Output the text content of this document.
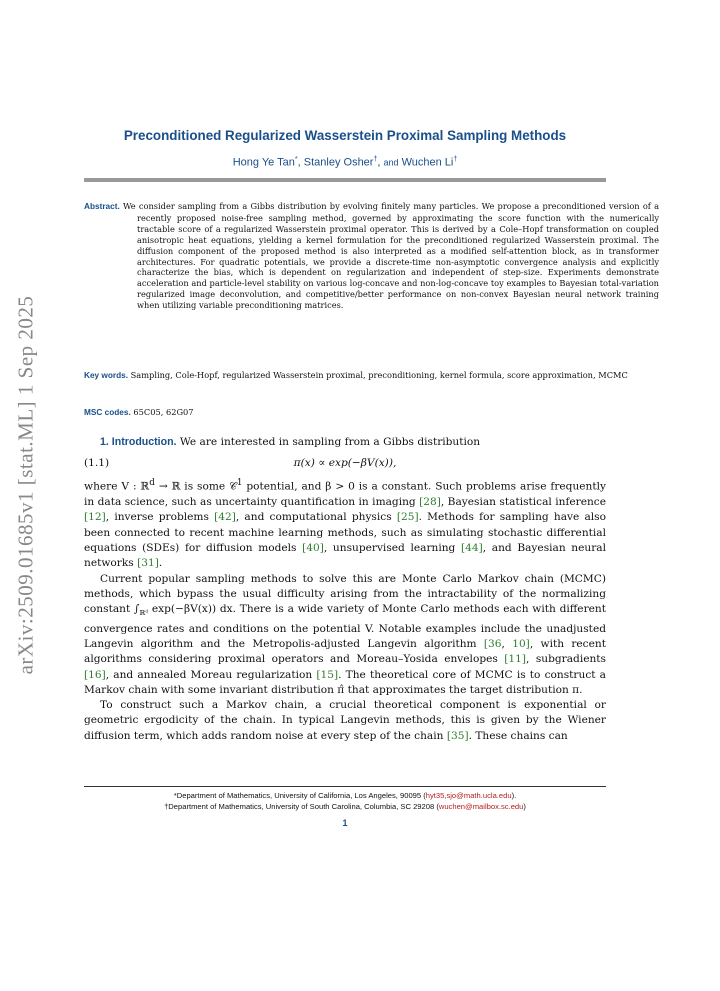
arXiv:2509.01685v1 [stat.ML] 1 Sep 2025
Preconditioned Regularized Wasserstein Proximal Sampling Methods
Hong Ye Tan*, Stanley Osher†, and Wuchen Li†
Abstract. We consider sampling from a Gibbs distribution by evolving finitely many particles. We propose a preconditioned version of a recently proposed noise-free sampling method, governed by approximating the score function with the numerically tractable score of a regularized Wasserstein proximal operator. This is derived by a Cole–Hopf transformation on coupled anisotropic heat equations, yielding a kernel formulation for the preconditioned regularized Wasserstein proximal. The diffusion component of the proposed method is also interpreted as a modified self-attention block, as in transformer architectures. For quadratic potentials, we provide a discrete-time non-asymptotic convergence analysis and explicitly characterize the bias, which is dependent on regularization and independent of step-size. Experiments demonstrate acceleration and particle-level stability on various log-concave and non-log-concave toy examples to Bayesian total-variation regularized image deconvolution, and competitive/better performance on non-convex Bayesian neural network training when utilizing variable preconditioning matrices.
Key words. Sampling, Cole-Hopf, regularized Wasserstein proximal, preconditioning, kernel formula, score approximation, MCMC
MSC codes. 65C05, 62G07

1. Introduction. We are interested in sampling from a Gibbs distribution

(1.1)	π(x) ∝ exp(−βV(x)),

where V : ℝ$^d$ → ℝ is some 𝒞$^1$ potential, and β > 0 is a constant. Such problems arise frequently in data science, such as uncertainty quantification in imaging [28], Bayesian statistical inference [12], inverse problems [42], and computational physics [25]. Methods for sampling have also been connected to recent machine learning methods, such as simulating stochastic differential equations (SDEs) for diffusion models [40], unsupervised learning [44], and Bayesian neural networks [31].

Current popular sampling methods to solve this are Monte Carlo Markov chain (MCMC) methods, which bypass the usual difficulty arising from the intractability of the normalizing constant $\int_{ℝᵈ}$ exp(−βV(x)) dx. There is a wide variety of Monte Carlo methods each with different convergence rates and conditions on the potential V. Notable examples include the unadjusted Langevin algorithm and the Metropolis-adjusted Langevin algorithm [36, 10], with recent algorithms considering proximal operators and Moreau–Yosida envelopes [11], subgradients [16], and annealed Moreau regularization [15]. The theoretical core of MCMC is to construct a Markov chain with some invariant distribution π̂ that approximates the target distribution π.

To construct such a Markov chain, a crucial theoretical component is exponential or geometric ergodicity of the chain. In typical Langevin methods, this is given by the Wiener diffusion term, which adds random noise at every step of the chain [35]. These chains can

*Department of Mathematics, University of California, Los Angeles, 90095 (hyt35,sjo@math.ucla.edu).
†Department of Mathematics, University of South Carolina, Columbia, SC 29208 (wuchen@mailbox.sc.edu)
1
